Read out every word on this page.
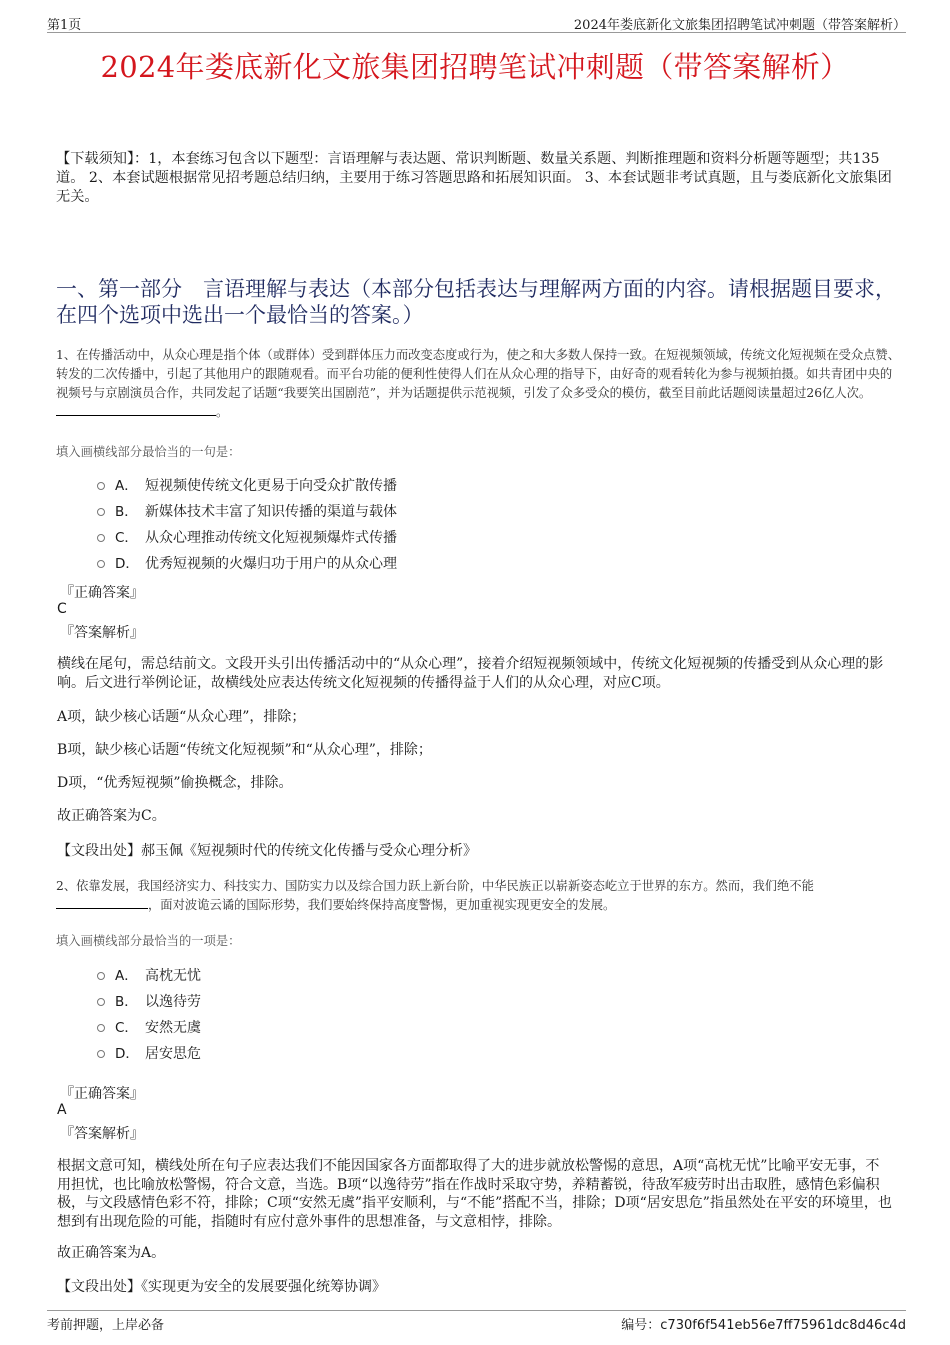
第1页	2024年娄底新化文旅集团招聘笔试冲刺题（带答案解析）
2024年娄底新化文旅集团招聘笔试冲刺题（带答案解析）
【下载须知】：1，本套练习包含以下题型：言语理解与表达题、常识判断题、数量关系题、判断推理题和资料分析题等题型；共135道。 2、本套试题根据常见招考题总结归纳，主要用于练习答题思路和拓展知识面。 3、本套试题非考试真题，且与娄底新化文旅集团无关。
一、第一部分　言语理解与表达（本部分包括表达与理解两方面的内容。请根据题目要求，在四个选项中选出一个最恰当的答案。）
1、在传播活动中，从众心理是指个体（或群体）受到群体压力而改变态度或行为，使之和大多数人保持一致。在短视频领域，传统文化短视频在受众点赞、转发的二次传播中，引起了其他用户的跟随观看。而平台功能的便利性使得人们在从众心理的指导下，由好奇的观看转化为参与视频拍摄。如共青团中央的视频号与京剧演员合作，共同发起了话题“我要笑出国剧范”，并为话题提供示范视频，引发了众多受众的模仿，截至目前此话题阅读量超过26亿人次。。
填入画横线部分最恰当的一句是：
A． 短视频使传统文化更易于向受众扩散传播
B． 新媒体技术丰富了知识传播的渠道与载体
C． 从众心理推动传统文化短视频爆炸式传播
D． 优秀短视频的火爆归功于用户的从众心理
『正确答案』
C
『答案解析』
横线在尾句，需总结前文。文段开头引出传播活动中的“从众心理”，接着介绍短视频领域中，传统文化短视频的传播受到从众心理的影响。后文进行举例论证，故横线处应表达传统文化短视频的传播得益于人们的从众心理，对应C项。
A项，缺少核心话题“从众心理”，排除；
B项，缺少核心话题“传统文化短视频”和“从众心理”，排除；
D项，“优秀短视频”偷换概念，排除。
故正确答案为C。
【文段出处】郝玉佩《短视频时代的传统文化传播与受众心理分析》
2、依靠发展，我国经济实力、科技实力、国防实力以及综合国力跃上新台阶，中华民族正以崭新姿态屹立于世界的东方。然而，我们绝不能，面对波诡云谲的国际形势，我们要始终保持高度警惕，更加重视实现更安全的发展。
填入画横线部分最恰当的一项是：
A． 高枕无忧
B． 以逸待劳
C． 安然无虞
D． 居安思危
『正确答案』
A
『答案解析』
根据文意可知，横线处所在句子应表达我们不能因国家各方面都取得了大的进步就放松警惕的意思，A项“高枕无忧”比喻平安无事，不用担忧，也比喻放松警惕，符合文意，当选。B项“以逸待劳”指在作战时采取守势，养精蓄锐，待敌军疲劳时出击取胜，感情色彩偏积极，与文段感情色彩不符，排除；C项“安然无虞”指平安顺利，与“不能”搭配不当，排除；D项“居安思危”指虽然处在平安的环境里，也想到有出现危险的可能，指随时有应付意外事件的思想准备，与文意相悖，排除。
故正确答案为A。
【文段出处】《实现更为安全的发展要强化统筹协调》
考前押题，上岸必备	编号：c730f6f541eb56e7ff75961dc8d46c4d
